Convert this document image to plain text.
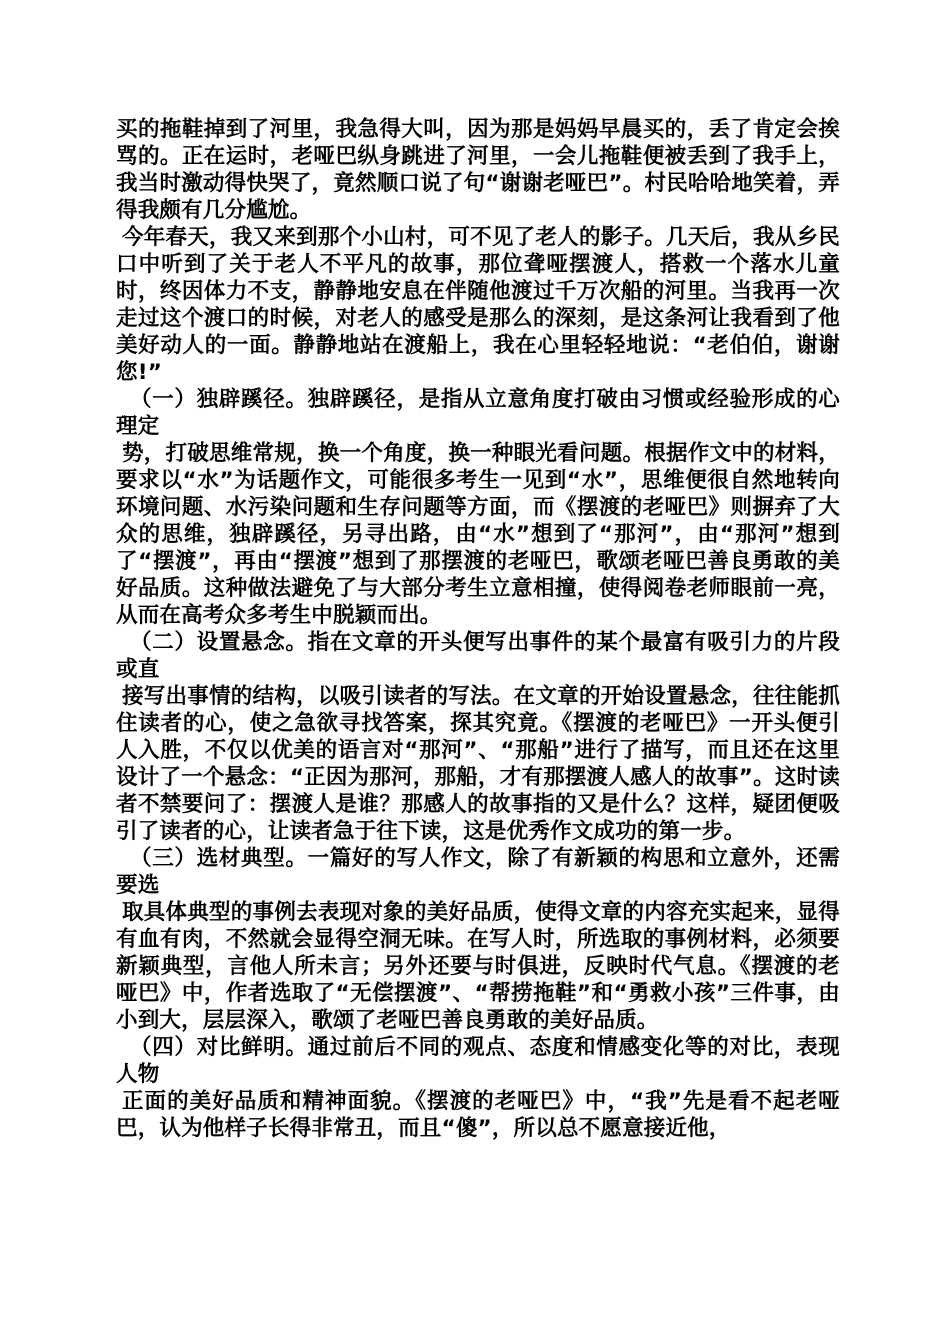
买的拖鞋掉到了河里，我急得大叫，因为那是妈妈早晨买的，丢了肯定会挨骂的。正在运时，老哑巴纵身跳进了河里，一会儿拖鞋便被丢到了我手上，我当时激动得快哭了，竟然顺口说了句“谢谢老哑巴”。村民哈哈地笑着，弄得我颇有几分尴尬。

今年春天，我又来到那个小山村，可不见了老人的影子。几天后，我从乡民口中听到了关于老人不平凡的故事，那位聋哑摆渡人，搭救一个落水儿童时，终因体力不支，静静地安息在伴随他渡过千万次船的河里。当我再一次走过这个渡口的时候，对老人的感受是那么的深刻，是这条河让我看到了他美好动人的一面。静静地站在渡船上，我在心里轻轻地说：“老伯伯，谢谢您!”

（一）独辟蹊径。独辟蹊径，是指从立意角度打破由习惯或经验形成的心理定

势，打破思维常规，换一个角度，换一种眼光看问题。根据作文中的材料，要求以“水”为话题作文，可能很多考生一见到“水”，思维便很自然地转向环境问题、水污染问题和生存问题等方面，而《摆渡的老哑巴》则摒弃了大众的思维，独辟蹊径，另寻出路，由“水”想到了“那河”，由“那河”想到了“摆渡”，再由“摆渡”想到了那摆渡的老哑巴，歌颂老哑巴善良勇敢的美好品质。这种做法避免了与大部分考生立意相撞，使得阅卷老师眼前一亮，从而在高考众多考生中脱颖而出。

（二）设置悬念。指在文章的开头便写出事件的某个最富有吸引力的片段或直

接写出事情的结构，以吸引读者的写法。在文章的开始设置悬念，往往能抓住读者的心，使之急欲寻找答案，探其究竟。《摆渡的老哑巴》一开头便引人入胜，不仅以优美的语言对“那河”、“那船”进行了描写，而且还在这里设计了一个悬念：“正因为那河，那船，才有那摆渡人感人的故事”。这时读者不禁要问了：摆渡人是谁？那感人的故事指的又是什么？这样，疑团便吸引了读者的心，让读者急于往下读，这是优秀作文成功的第一步。

（三）选材典型。一篇好的写人作文，除了有新颖的构思和立意外，还需要选

取具体典型的事例去表现对象的美好品质，使得文章的内容充实起来，显得有血有肉，不然就会显得空洞无味。在写人时，所选取的事例材料，必须要新颖典型，言他人所未言；另外还要与时俱进，反映时代气息。《摆渡的老哑巴》中，作者选取了“无偿摆渡”、“帮捞拖鞋”和“勇救小孩”三件事，由小到大，层层深入，歌颂了老哑巴善良勇敢的美好品质。

（四）对比鲜明。通过前后不同的观点、态度和情感变化等的对比，表现人物

正面的美好品质和精神面貌。《摆渡的老哑巴》中，“我”先是看不起老哑巴，认为他样子长得非常丑，而且“傻”，所以总不愿意接近他，
